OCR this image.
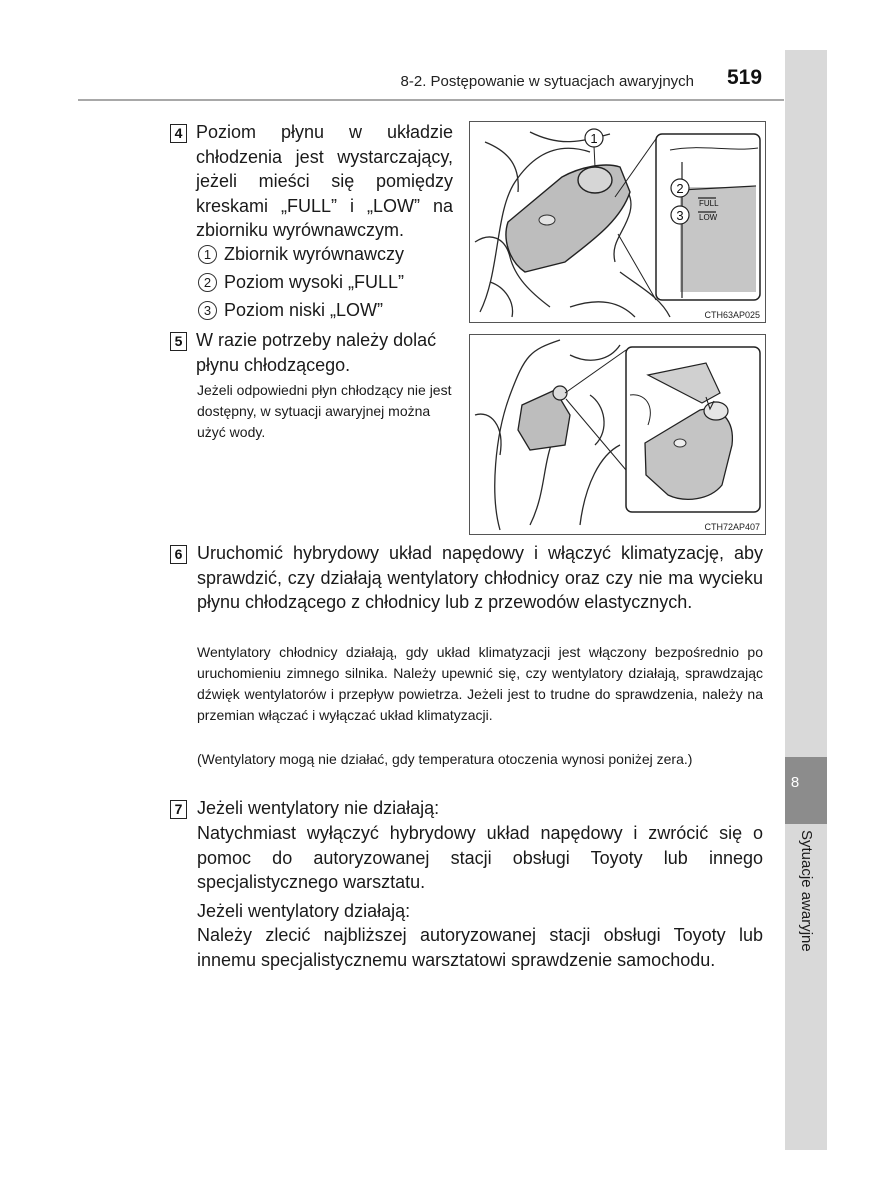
8-2. Postępowanie w sytuacjach awaryjnych 519
8
Sytuacje awaryjne
4 Poziom płynu w układzie chłodzenia jest wystarczający, jeżeli mieści się pomiędzy kreskami „FULL” i „LOW” na zbiorniku wyrównawczym.
1 Zbiornik wyrównawczy
2 Poziom wysoki „FULL”
3 Poziom niski „LOW”
1
FULL
LOW
2
3
CTH63AP025
5 W razie potrzeby należy dolać płynu chłodzącego.
Jeżeli odpowiedni płyn chłodzący nie jest dostępny, w sytuacji awaryjnej można użyć wody.
CTH72AP407
6 Uruchomić hybrydowy układ napędowy i włączyć klimatyzację, aby sprawdzić, czy działają wentylatory chłodnicy oraz czy nie ma wycieku płynu chłodzącego z chłodnicy lub z przewodów elastycznych.
Wentylatory chłodnicy działają, gdy układ klimatyzacji jest włączony bezpośrednio po uruchomieniu zimnego silnika. Należy upewnić się, czy wentylatory działają, sprawdzając dźwięk wentylatorów i przepływ powietrza. Jeżeli jest to trudne do sprawdzenia, należy na przemian włączać i wyłączać układ klimatyzacji.
(Wentylatory mogą nie działać, gdy temperatura otoczenia wynosi poniżej zera.)
7 Jeżeli wentylatory nie działają:
Natychmiast wyłączyć hybrydowy układ napędowy i zwrócić się o pomoc do autoryzowanej stacji obsługi Toyoty lub innego specjalistycznego warsztatu.
Jeżeli wentylatory działają:
Należy zlecić najbliższej autoryzowanej stacji obsługi Toyoty lub innemu specjalistycznemu warsztatowi sprawdzenie samochodu.
